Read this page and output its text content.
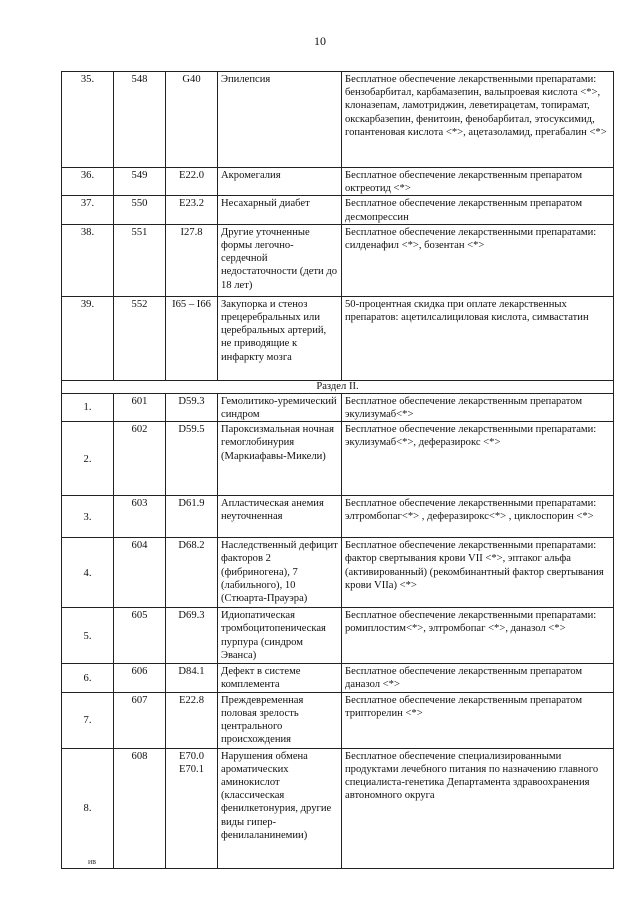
10
35.	548	G40	Эпилепсия	Бесплатное обеспечение лекарственными препаратами: бензобарбитал, карбамазепин, вальпроевая кислота <*>, клоназепам, ламотриджин, леветирацетам, топирамат, окскарбазепин, фенитоин, фенобарбитал, этосуксимид, гопантеновая кислота <*>, ацетазоламид, прегабалин <*>
36.	549	E22.0	Акромегалия	Бесплатное обеспечение лекарственным препаратом октреотид <*>
37.	550	E23.2	Несахарный диабет	Бесплатное обеспечение лекарственным препаратом десмопрессин
38.	551	I27.8	Другие уточненные формы легочно-сердечной недостаточности (дети до 18 лет)	Бесплатное обеспечение лекарственными препаратами: силденафил <*>, бозентан <*>
39.	552	I65 – I66	Закупорка и стеноз прецеребральных или церебральных артерий, не приводящие к инфаркту мозга	50-процентная скидка при оплате лекарственных препаратов: ацетилсалициловая кислота, симвастатин
Раздел II.				
1.	601	D59.3	Гемолитико-уремический синдром	Бесплатное обеспечение лекарственным препаратом экулизумаб<*>
2.	602	D59.5	Пароксизмальная ночная гемоглобинурия (Маркиафавы-Микели)	Бесплатное обеспечение лекарственными препаратами: экулизумаб<*>, деферазирокс <*>
3.	603	D61.9	Апластическая анемия неуточненная	Бесплатное обеспечение лекарственными препаратами: элтромбопаг<*> , деферазирокс<*> , циклоспорин <*>
4.	604	D68.2	Наследственный дефицит факторов 2 (фибриногена), 7 (лабильного), 10 (Стюарта-Прауэра)	Бесплатное обеспечение лекарственными препаратами: фактор свертывания крови VII <*>, эптаког альфа (активированный) (рекомбинантный фактор свертывания крови VIIa) <*>
5.	605	D69.3	Идиопатическая тромбоцитопеническая пурпура (синдром Эванса)	Бесплатное обеспечение лекарственными препаратами: ромиплостим<*>, элтромбопаг <*>, даназол <*>
6.	606	D84.1	Дефект в системе комплемента	Бесплатное обеспечение лекарственным препаратом даназол <*>
7.	607	E22.8	Преждевременная половая зрелость центрального происхождения	Бесплатное обеспечение лекарственным препаратом трипторелин <*>
8.	608	E70.0 E70.1	Нарушения обмена ароматических аминокислот (классическая фенилкетонурия, другие виды гипер-фенилаланинемии)	Бесплатное обеспечение специализированными продуктами лечебного питания по назначению главного специалиста-генетика Департамента здравоохранения автономного округа
ив
